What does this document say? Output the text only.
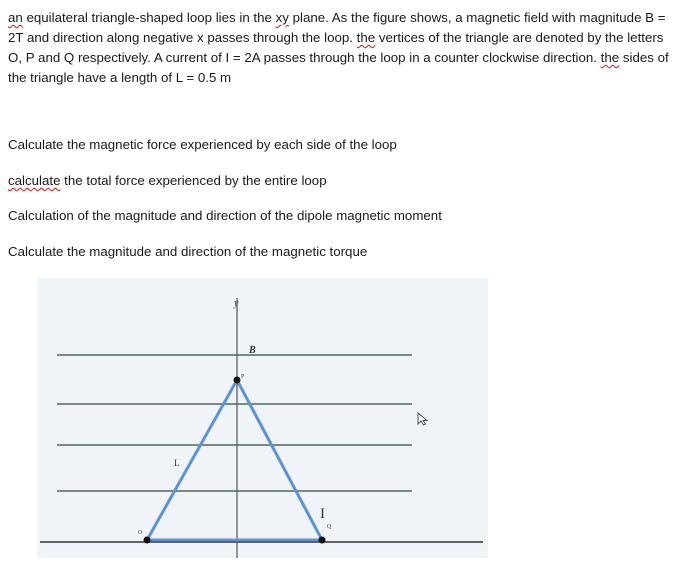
an equilateral triangle-shaped loop lies in the xy plane. As the figure shows, a magnetic field with magnitude B = 2T and direction along negative x passes through the loop. the vertices of the triangle are denoted by the letters O, P and Q respectively. A current of I = 2A passes through the loop in a counter clockwise direction. the sides of the triangle have a length of L = 0.5 m

Calculate the magnetic force experienced by each side of the loop

calculate the total force experienced by the entire loop

Calculation of the magnitude and direction of the dipole magnetic moment

Calculate the magnitude and direction of the magnetic torque

y
B
L
I
O
P
Q
